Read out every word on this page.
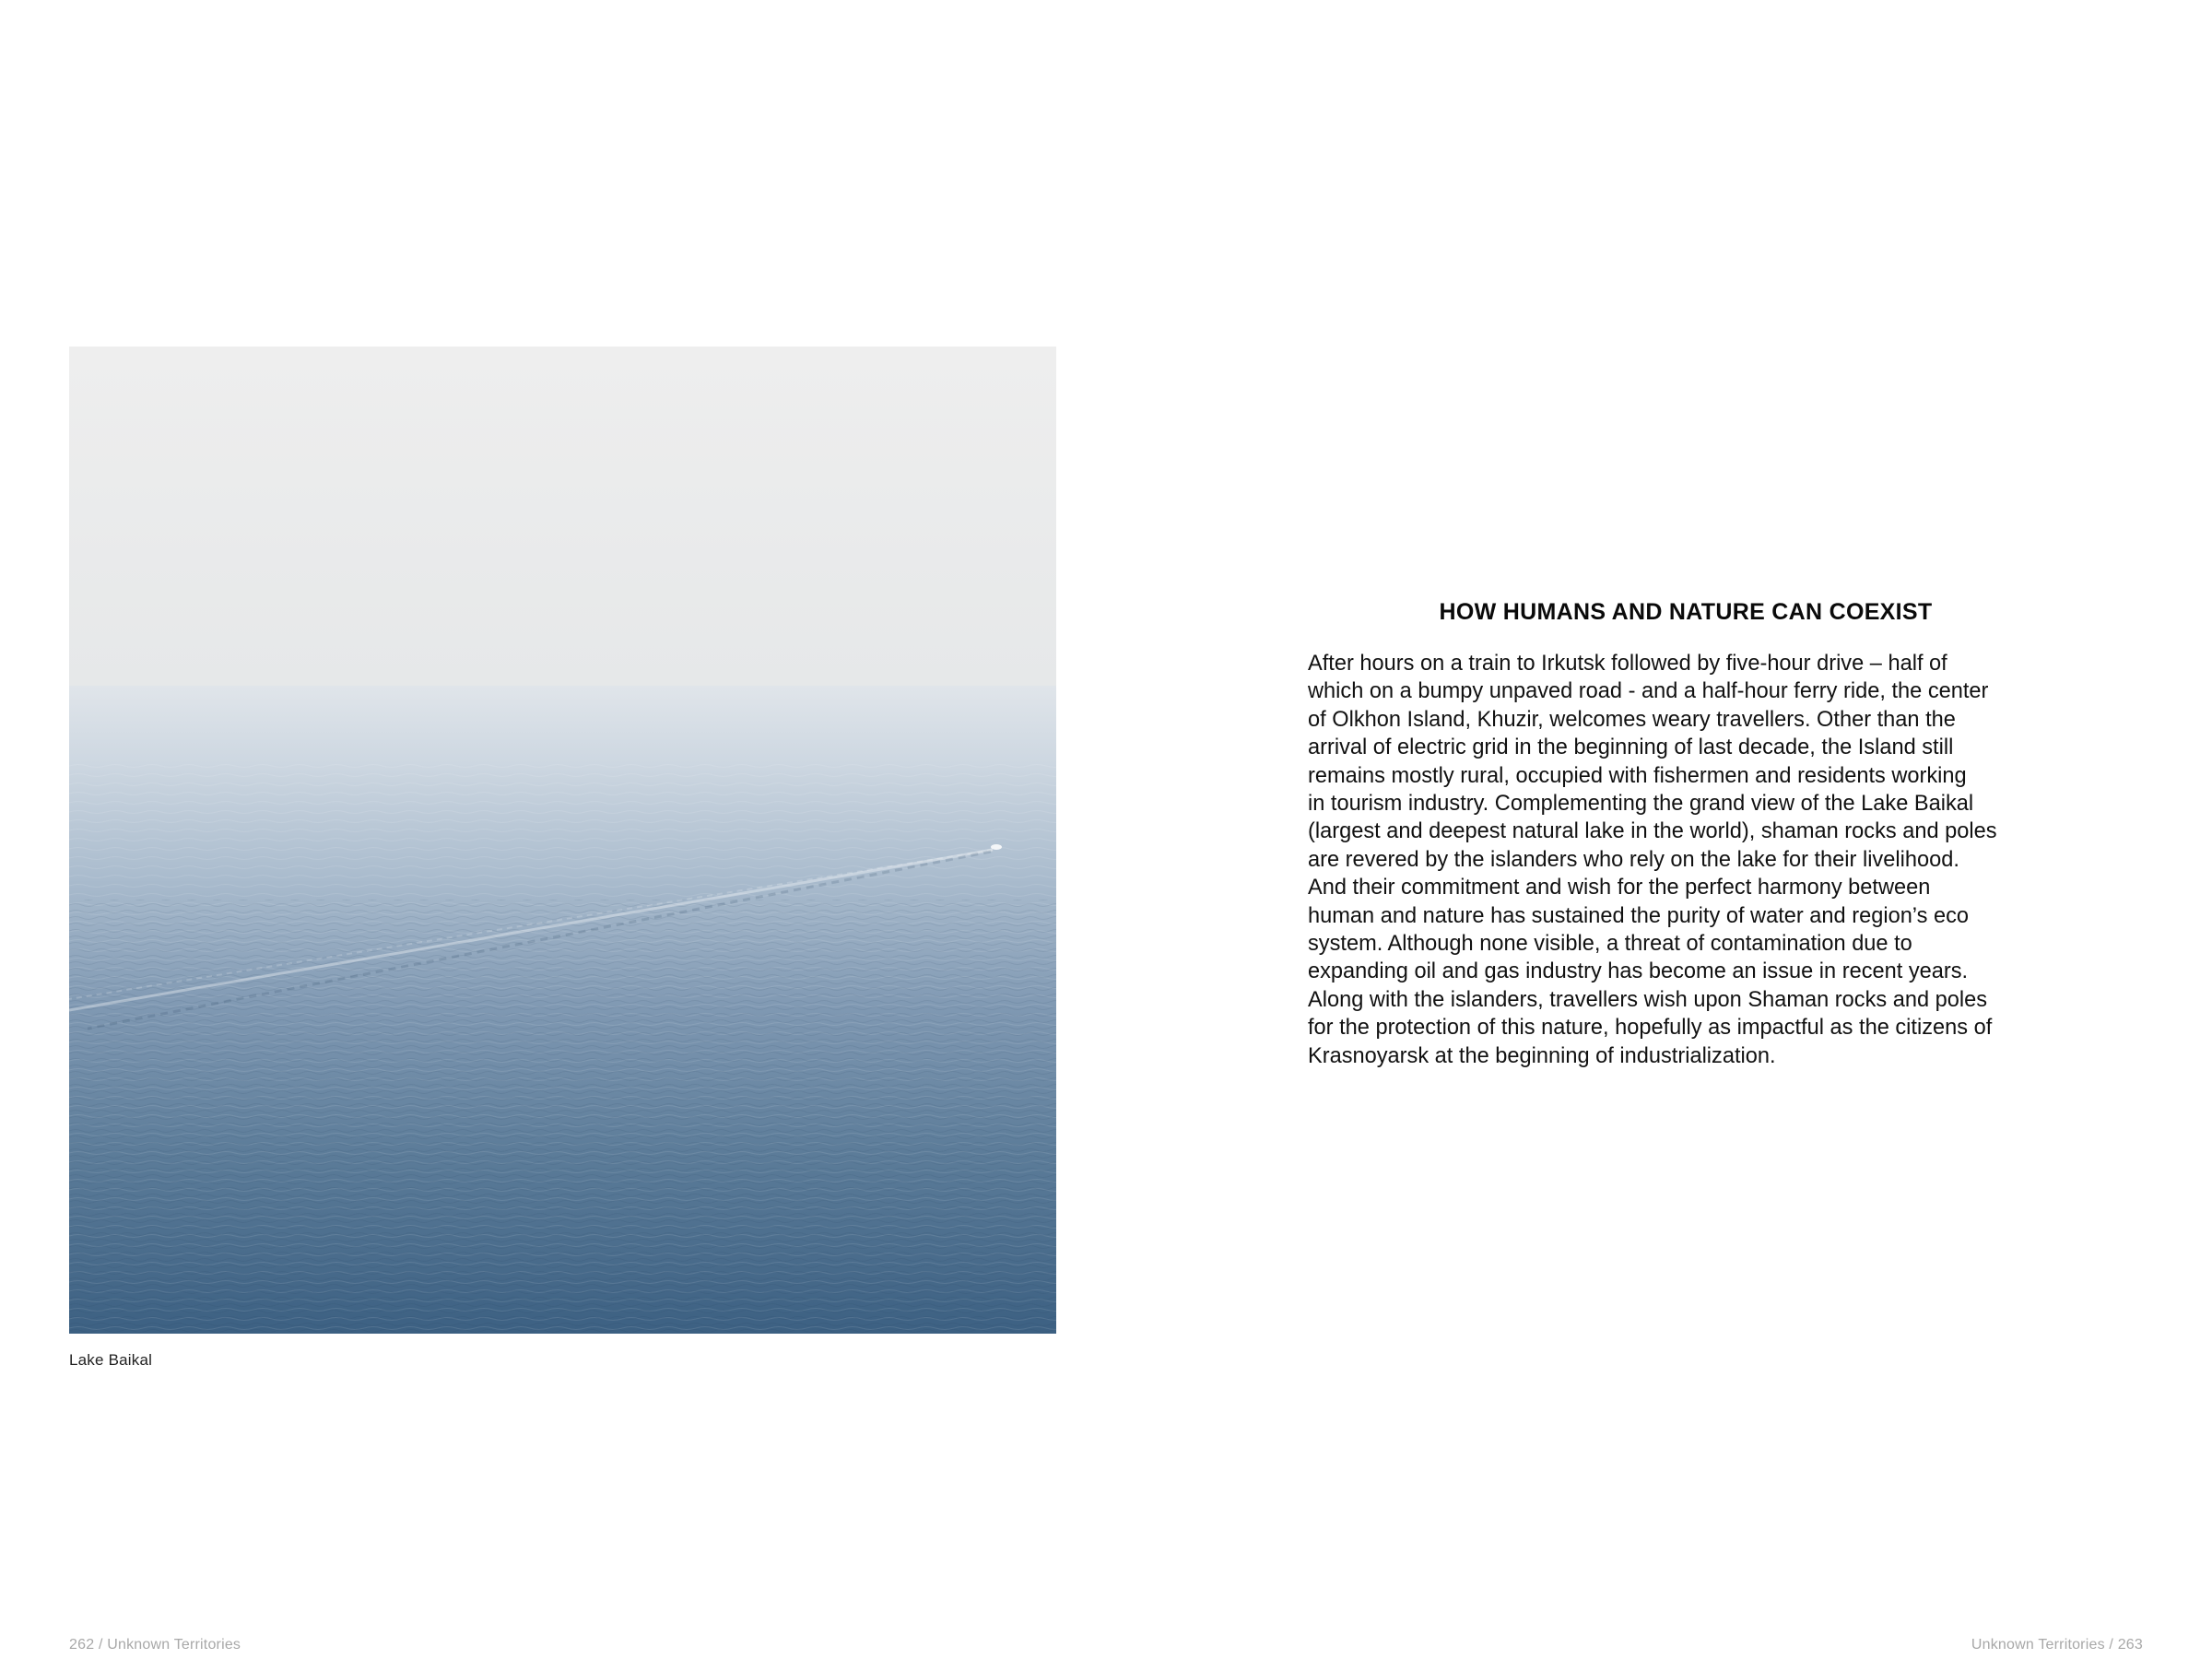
Lake Baikal
HOW HUMANS AND NATURE CAN COEXIST

After hours on a train to Irkutsk followed by five-hour drive – half of
which on a bumpy unpaved road - and a half-hour ferry ride, the center
of Olkhon Island, Khuzir, welcomes weary travellers. Other than the
arrival of electric grid in the beginning of last decade, the Island still
remains mostly rural, occupied with fishermen and residents working
in tourism industry. Complementing the grand view of the Lake Baikal
(largest and deepest natural lake in the world), shaman rocks and poles
are revered by the islanders who rely on the lake for their livelihood.
And their commitment and wish for the perfect harmony between
human and nature has sustained the purity of water and region’s eco
system. Although none visible, a threat of contamination due to
expanding oil and gas industry has become an issue in recent years.
Along with the islanders, travellers wish upon Shaman rocks and poles
for the protection of this nature, hopefully as impactful as the citizens of
Krasnoyarsk at the beginning of industrialization.

262 / Unknown Territories	Unknown Territories / 263
